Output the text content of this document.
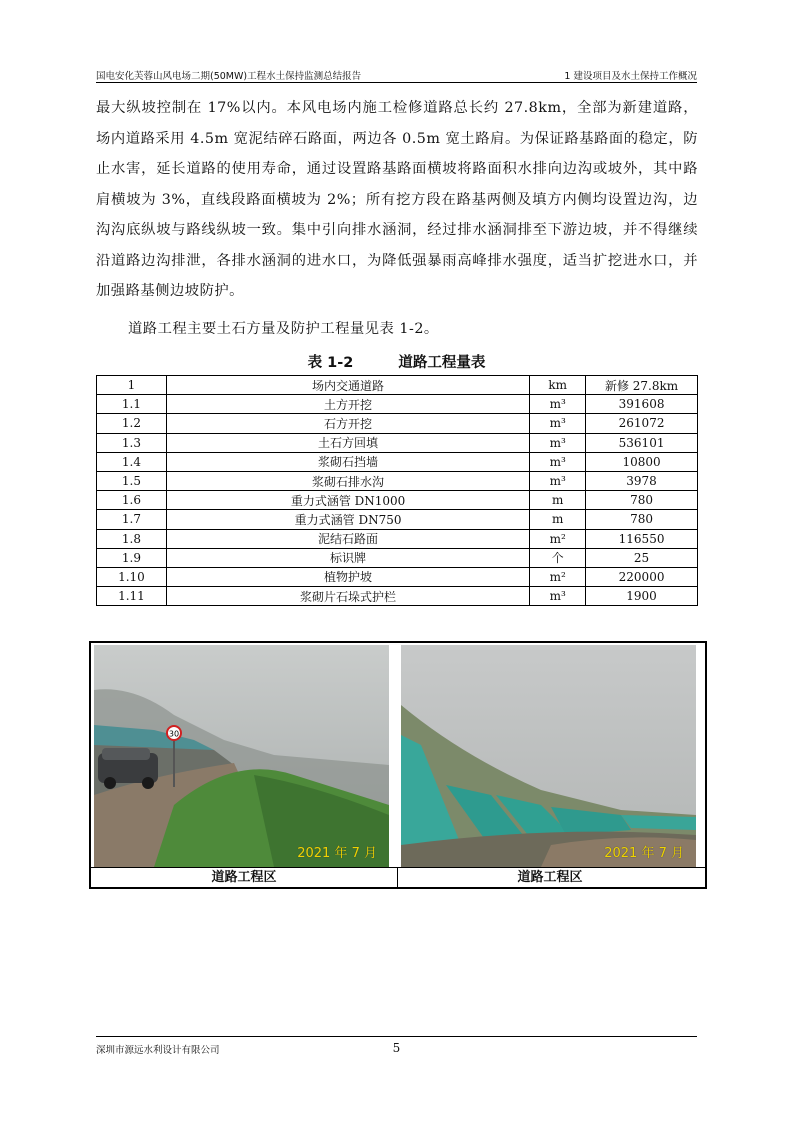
国电安化芙蓉山风电场二期(50MW)工程水土保持监测总结报告	1 建设项目及水土保持工作概况

最大纵坡控制在 17%以内。本风电场内施工检修道路总长约 27.8km，全部为新建道路，场内道路采用 4.5m 宽泥结碎石路面，两边各 0.5m 宽土路肩。为保证路基路面的稳定，防止水害，延长道路的使用寿命，通过设置路基路面横坡将路面积水排向边沟或坡外，其中路肩横坡为 3%，直线段路面横坡为 2%；所有挖方段在路基两侧及填方内侧均设置边沟，边沟沟底纵坡与路线纵坡一致。集中引向排水涵洞，经过排水涵洞排至下游边坡，并不得继续沿道路边沟排泄，各排水涵洞的进水口，为降低强暴雨高峰排水强度，适当扩挖进水口，并加强路基侧边坡防护。

道路工程主要土石方量及防护工程量见表 1-2。
表 1-2	道路工程量表
1	场内交通道路	km	新修 27.8km
1.1	土方开挖	m³	391608
1.2	石方开挖	m³	261072
1.3	土石方回填	m³	536101
1.4	浆砌石挡墙	m³	10800
1.5	浆砌石排水沟	m³	3978
1.6	重力式涵管 DN1000	m	780
1.7	重力式涵管 DN750	m	780
1.8	泥结石路面	m²	116550
1.9	标识牌	个	25
1.10	植物护坡	m²	220000
1.11	浆砌片石垛式护栏	m³	1900
30
2021 年 7 月	2021 年 7 月
道路工程区	道路工程区
深圳市源远水利设计有限公司	5
